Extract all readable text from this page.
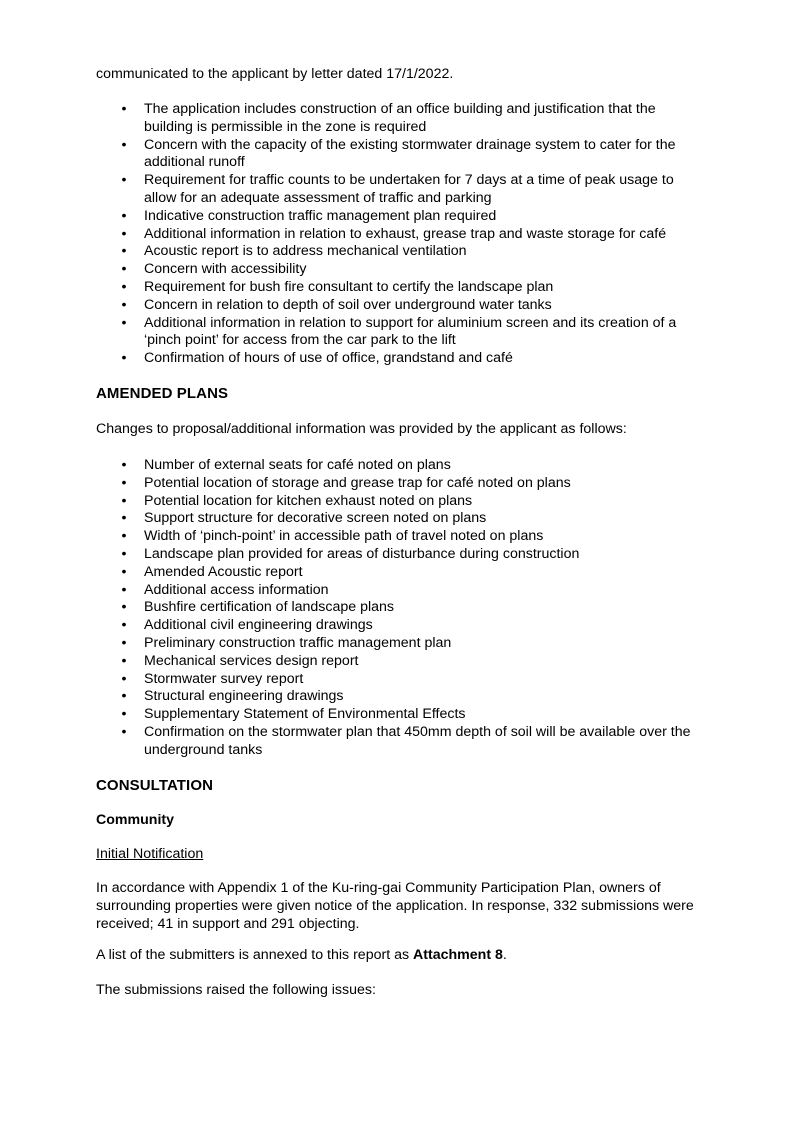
communicated to the applicant by letter dated 17/1/2022.

• The application includes construction of an office building and justification that the building is permissible in the zone is required
• Concern with the capacity of the existing stormwater drainage system to cater for the additional runoff
• Requirement for traffic counts to be undertaken for 7 days at a time of peak usage to allow for an adequate assessment of traffic and parking
• Indicative construction traffic management plan required
• Additional information in relation to exhaust, grease trap and waste storage for café
• Acoustic report is to address mechanical ventilation
• Concern with accessibility
• Requirement for bush fire consultant to certify the landscape plan
• Concern in relation to depth of soil over underground water tanks
• Additional information in relation to support for aluminium screen and its creation of a ‘pinch point’ for access from the car park to the lift
• Confirmation of hours of use of office, grandstand and café
AMENDED PLANS

Changes to proposal/additional information was provided by the applicant as follows:

• Number of external seats for café noted on plans
• Potential location of storage and grease trap for café noted on plans
• Potential location for kitchen exhaust noted on plans
• Support structure for decorative screen noted on plans
• Width of ‘pinch-point’ in accessible path of travel noted on plans
• Landscape plan provided for areas of disturbance during construction
• Amended Acoustic report
• Additional access information
• Bushfire certification of landscape plans
• Additional civil engineering drawings
• Preliminary construction traffic management plan
• Mechanical services design report
• Stormwater survey report
• Structural engineering drawings
• Supplementary Statement of Environmental Effects
• Confirmation on the stormwater plan that 450mm depth of soil will be available over the underground tanks
CONSULTATION
Community

Initial Notification

In accordance with Appendix 1 of the Ku-ring-gai Community Participation Plan, owners of surrounding properties were given notice of the application. In response, 332 submissions were received; 41 in support and 291 objecting.

A list of the submitters is annexed to this report as Attachment 8.

The submissions raised the following issues:
